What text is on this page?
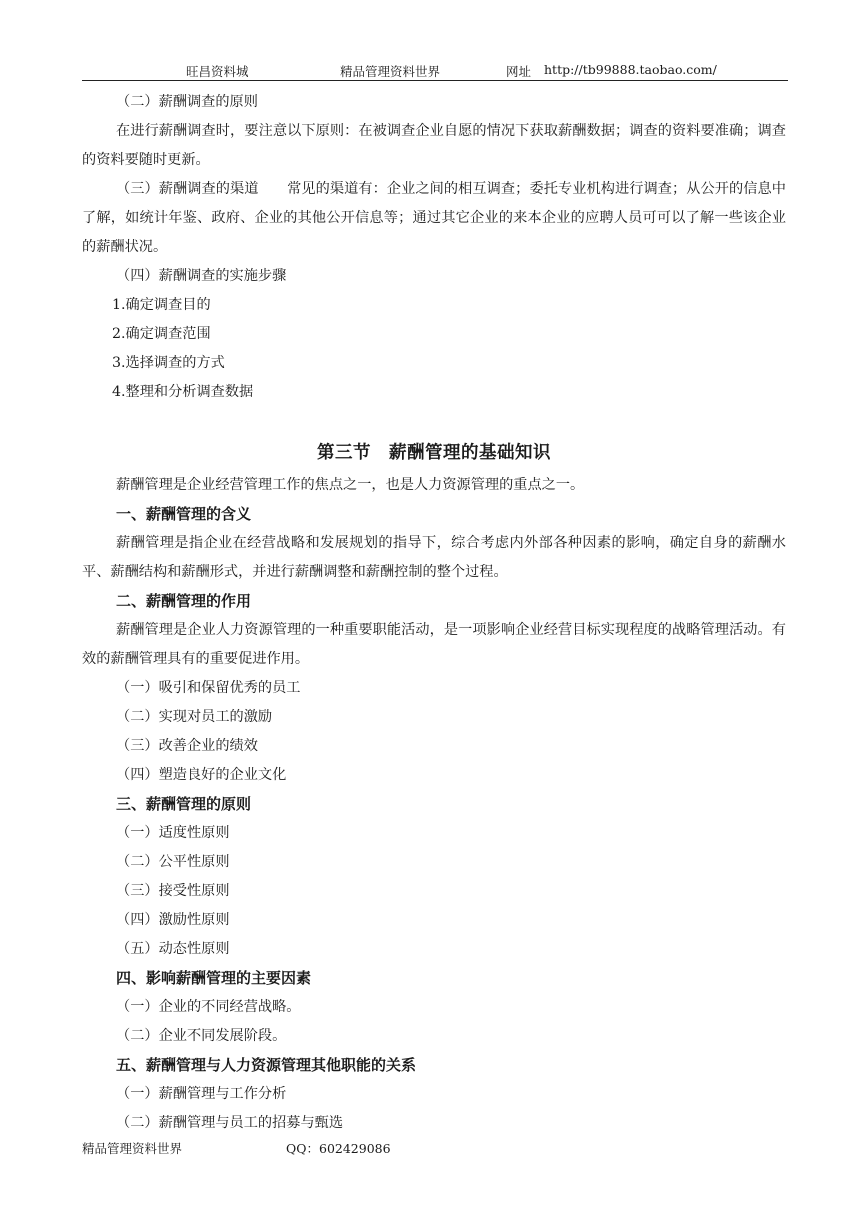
旺昌资料城	精品管理资料世界	网址 http://tb99888.taobao.com/

（二）薪酬调查的原则

在进行薪酬调查时，要注意以下原则：在被调查企业自愿的情况下获取薪酬数据；调查的资料要准确；调查的资料要随时更新。

（三）薪酬调查的渠道　　常见的渠道有：企业之间的相互调查；委托专业机构进行调查；从公开的信息中了解，如统计年鉴、政府、企业的其他公开信息等；通过其它企业的来本企业的应聘人员可可以了解一些该企业的薪酬状况。

（四）薪酬调查的实施步骤

1.确定调查目的

2.确定调查范围

3.选择调查的方式

4.整理和分析调查数据

第三节　薪酬管理的基础知识

薪酬管理是企业经营管理工作的焦点之一，也是人力资源管理的重点之一。

一、薪酬管理的含义

薪酬管理是指企业在经营战略和发展规划的指导下，综合考虑内外部各种因素的影响，确定自身的薪酬水平、薪酬结构和薪酬形式，并进行薪酬调整和薪酬控制的整个过程。

二、薪酬管理的作用

薪酬管理是企业人力资源管理的一种重要职能活动，是一项影响企业经营目标实现程度的战略管理活动。有效的薪酬管理具有的重要促进作用。

（一）吸引和保留优秀的员工

（二）实现对员工的激励

（三）改善企业的绩效

（四）塑造良好的企业文化

三、薪酬管理的原则

（一）适度性原则

（二）公平性原则

（三）接受性原则

（四）激励性原则

（五）动态性原则

四、影响薪酬管理的主要因素

（一）企业的不同经营战略。

（二）企业不同发展阶段。

五、薪酬管理与人力资源管理其他职能的关系

（一）薪酬管理与工作分析

（二）薪酬管理与员工的招募与甄选

精品管理资料世界	QQ：602429086
